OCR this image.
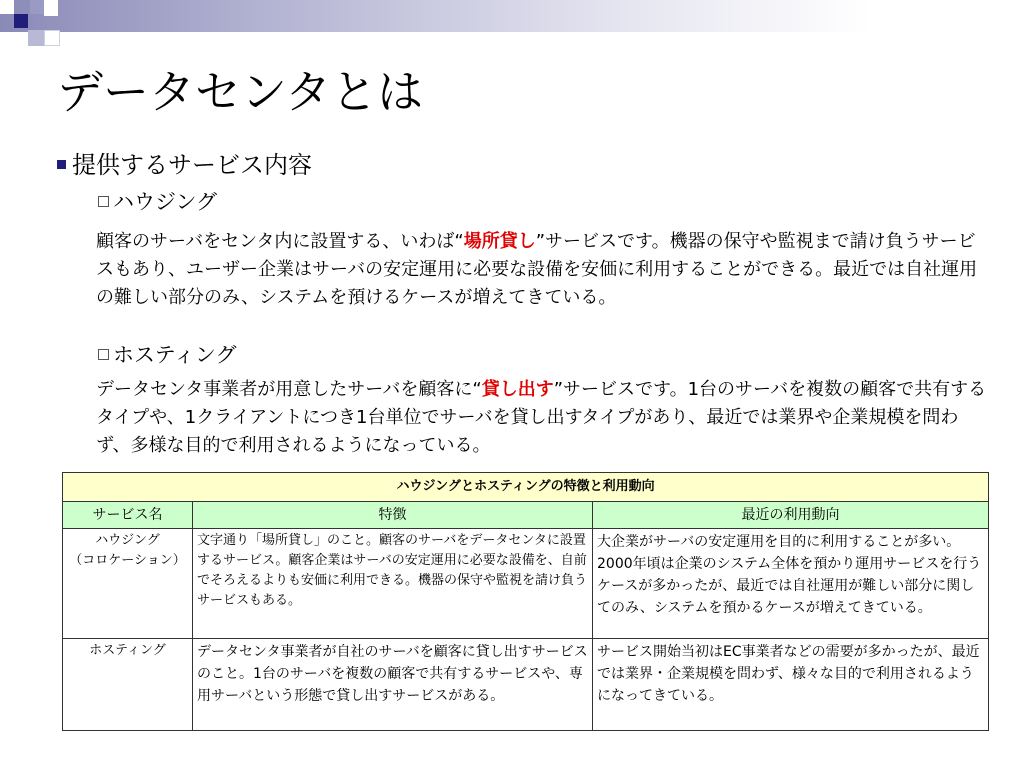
データセンタとは
提供するサービス内容
ハウジング
顧客のサーバをセンタ内に設置する、いわば“場所貸し”サービスです。機器の保守や監視まで請け負うサービスもあり、ユーザー企業はサーバの安定運用に必要な設備を安価に利用することができる。最近では自社運用の難しい部分のみ、システムを預けるケースが増えてきている。
ホスティング
データセンタ事業者が用意したサーバを顧客に“貸し出す”サービスです。1台のサーバを複数の顧客で共有するタイプや、1クライアントにつき1台単位でサーバを貸し出すタイプがあり、最近では業界や企業規模を問わず、多様な目的で利用されるようになっている。
ハウジングとホスティングの特徴と利用動向		
サービス名	特徴	最近の利用動向

ハウジング
（コロケーション）	文字通り「場所貸し」のこと。顧客のサーバをデータセンタに設置するサービス。顧客企業はサーバの安定運用に必要な設備を、自前でそろえるよりも安価に利用できる。機器の保守や監視を請け負うサービスもある。	大企業がサーバの安定運用を目的に利用することが多い。2000年頃は企業のシステム全体を預かり運用サービスを行うケースが多かったが、最近では自社運用が難しい部分に関してのみ、システムを預かるケースが増えてきている。

ホスティング	データセンタ事業者が自社のサーバを顧客に貸し出すサービスのこと。1台のサーバを複数の顧客で共有するサービスや、専用サーバという形態で貸し出すサービスがある。	サービス開始当初はEC事業者などの需要が多かったが、最近では業界・企業規模を問わず、様々な目的で利用されるようになってきている。
